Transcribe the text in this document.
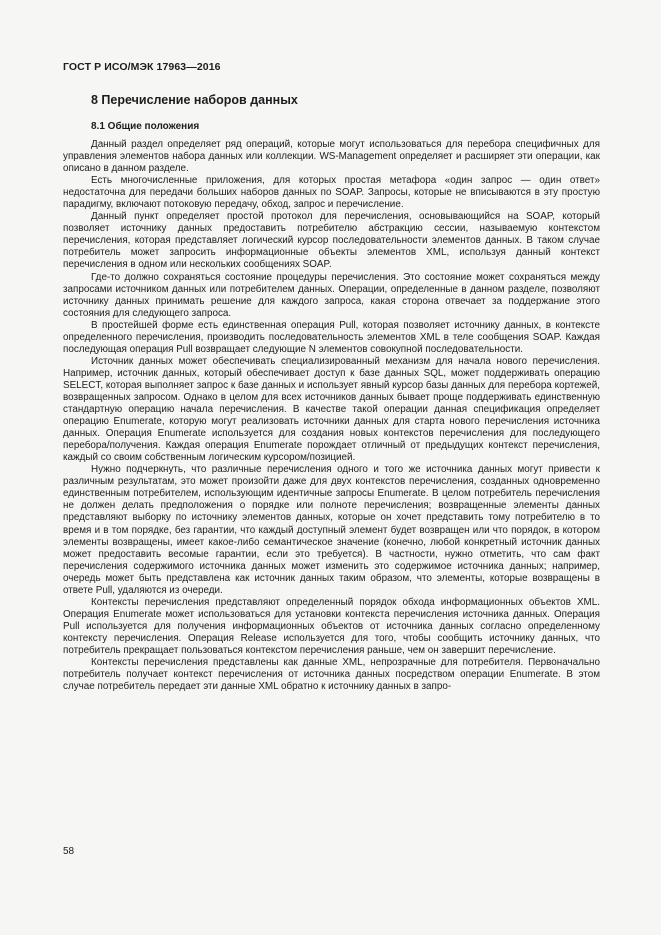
ГОСТ Р ИСО/МЭК 17963—2016
8 Перечисление наборов данных
8.1 Общие положения

Данный раздел определяет ряд операций, которые могут использоваться для перебора специфичных для управления элементов набора данных или коллекции. WS-Management определяет и расширяет эти операции, как описано в данном разделе.

Есть многочисленные приложения, для которых простая метафора «один запрос — один ответ» недостаточна для передачи больших наборов данных по SOAP. Запросы, которые не вписываются в эту простую парадигму, включают потоковую передачу, обход, запрос и перечисление.

Данный пункт определяет простой протокол для перечисления, основывающийся на SOAP, который позволяет источнику данных предоставить потребителю абстракцию сессии, называемую контекстом перечисления, которая представляет логический курсор последовательности элементов данных. В таком случае потребитель может запросить информационные объекты элементов XML, используя данный контекст перечисления в одном или нескольких сообщениях SOAP.

Где-то должно сохраняться состояние процедуры перечисления. Это состояние может сохраняться между запросами источником данных или потребителем данных. Операции, определенные в данном разделе, позволяют источнику данных принимать решение для каждого запроса, какая сторона отвечает за поддержание этого состояния для следующего запроса.

В простейшей форме есть единственная операция Pull, которая позволяет источнику данных, в контексте определенного перечисления, производить последовательность элементов XML в теле сообщения SOAP. Каждая последующая операция Pull возвращает следующие N элементов совокупной последовательности.

Источник данных может обеспечивать специализированный механизм для начала нового перечисления. Например, источник данных, который обеспечивает доступ к базе данных SQL, может поддерживать операцию SELECT, которая выполняет запрос к базе данных и использует явный курсор базы данных для перебора кортежей, возвращенных запросом. Однако в целом для всех источников данных бывает проще поддерживать единственную стандартную операцию начала перечисления. В качестве такой операции данная спецификация определяет операцию Enumerate, которую могут реализовать источники данных для старта нового перечисления источника данных. Операция Enumerate используется для создания новых контекстов перечисления для последующего перебора/получения. Каждая операция Enumerate порождает отличный от предыдущих контекст перечисления, каждый со своим собственным логическим курсором/позицией.

Нужно подчеркнуть, что различные перечисления одного и того же источника данных могут привести к различным результатам, это может произойти даже для двух контекстов перечисления, созданных одновременно единственным потребителем, использующим идентичные запросы Enumerate. В целом потребитель перечисления не должен делать предположения о порядке или полноте перечисления; возвращенные элементы данных представляют выборку по источнику элементов данных, которые он хочет представить тому потребителю в то время и в том порядке, без гарантии, что каждый доступный элемент будет возвращен или что порядок, в котором элементы возвращены, имеет какое-либо семантическое значение (конечно, любой конкретный источник данных может предоставить весомые гарантии, если это требуется). В частности, нужно отметить, что сам факт перечисления содержимого источника данных может изменить это содержимое источника данных; например, очередь может быть представлена как источник данных таким образом, что элементы, которые возвращены в ответе Pull, удаляются из очереди.

Контексты перечисления представляют определенный порядок обхода информационных объектов XML. Операция Enumerate может использоваться для установки контекста перечисления источника данных. Операция Pull используется для получения информационных объектов от источника данных согласно определенному контексту перечисления. Операция Release используется для того, чтобы сообщить источнику данных, что потребитель прекращает пользоваться контекстом перечисления раньше, чем он завершит перечисление.

Контексты перечисления представлены как данные XML, непрозрачные для потребителя. Первоначально потребитель получает контекст перечисления от источника данных посредством операции Enumerate. В этом случае потребитель передает эти данные XML обратно к источнику данных в запро-

58
